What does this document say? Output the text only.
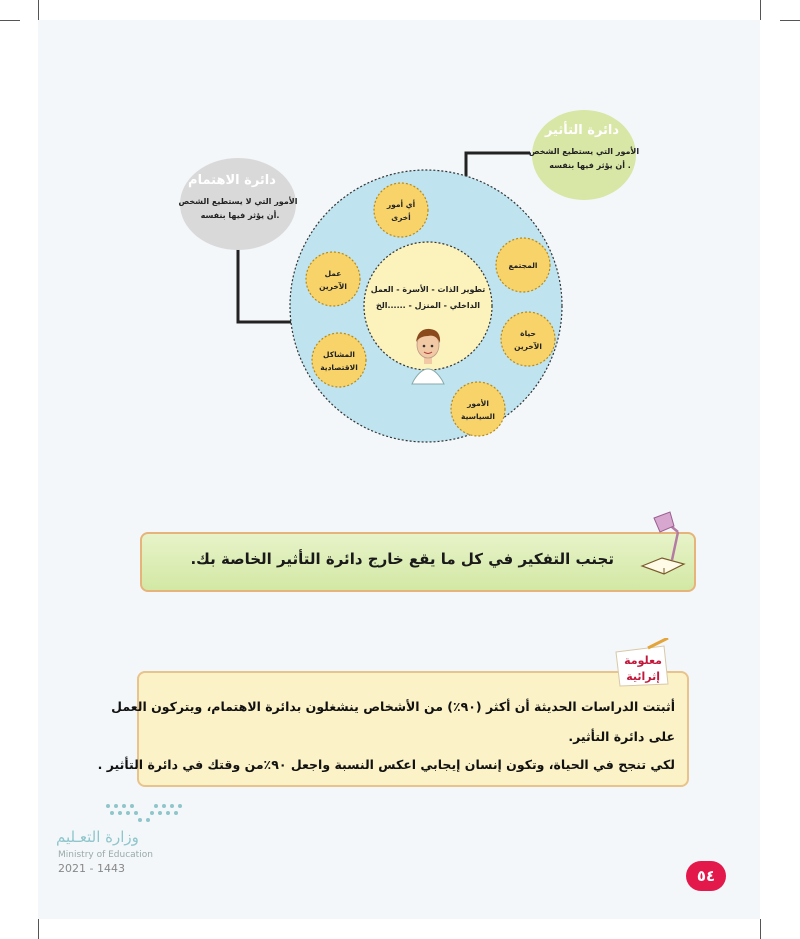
دائرة التأثير
الأمور التي يستطيع الشخص
أن يؤثر فيها بنفسه .
دائرة الاهتمام
الأمور التي لا يستطيع الشخص
أن يؤثر فيها بنفسه.
تطوير الذات - الأسرة - العمل
الداخلي - المنزل - ......الخ
أي أمور
أخرى
المجتمع
حياة
الآخرين
الأمور
السياسية
المشاكل
الاقتصادية
عمل
الآخرين
تجنب التفكير في كل ما يقع خارج دائرة التأثير الخاصة بك.
أثبتت الدراسات الحديثة أن أكثر (٩٠٪) من الأشخاص ينشغلون بدائرة الاهتمام، ويتركون العمل
على دائرة التأثير.
لكي تنجح في الحياة، وتكون إنسان إيجابي اعكس النسبة واجعل ٩٠٪من وقتك في دائرة التأثير .
معلومة
إثرائية
وزارة التعـليم
Ministry of Education
2021 - 1443	٥٤
